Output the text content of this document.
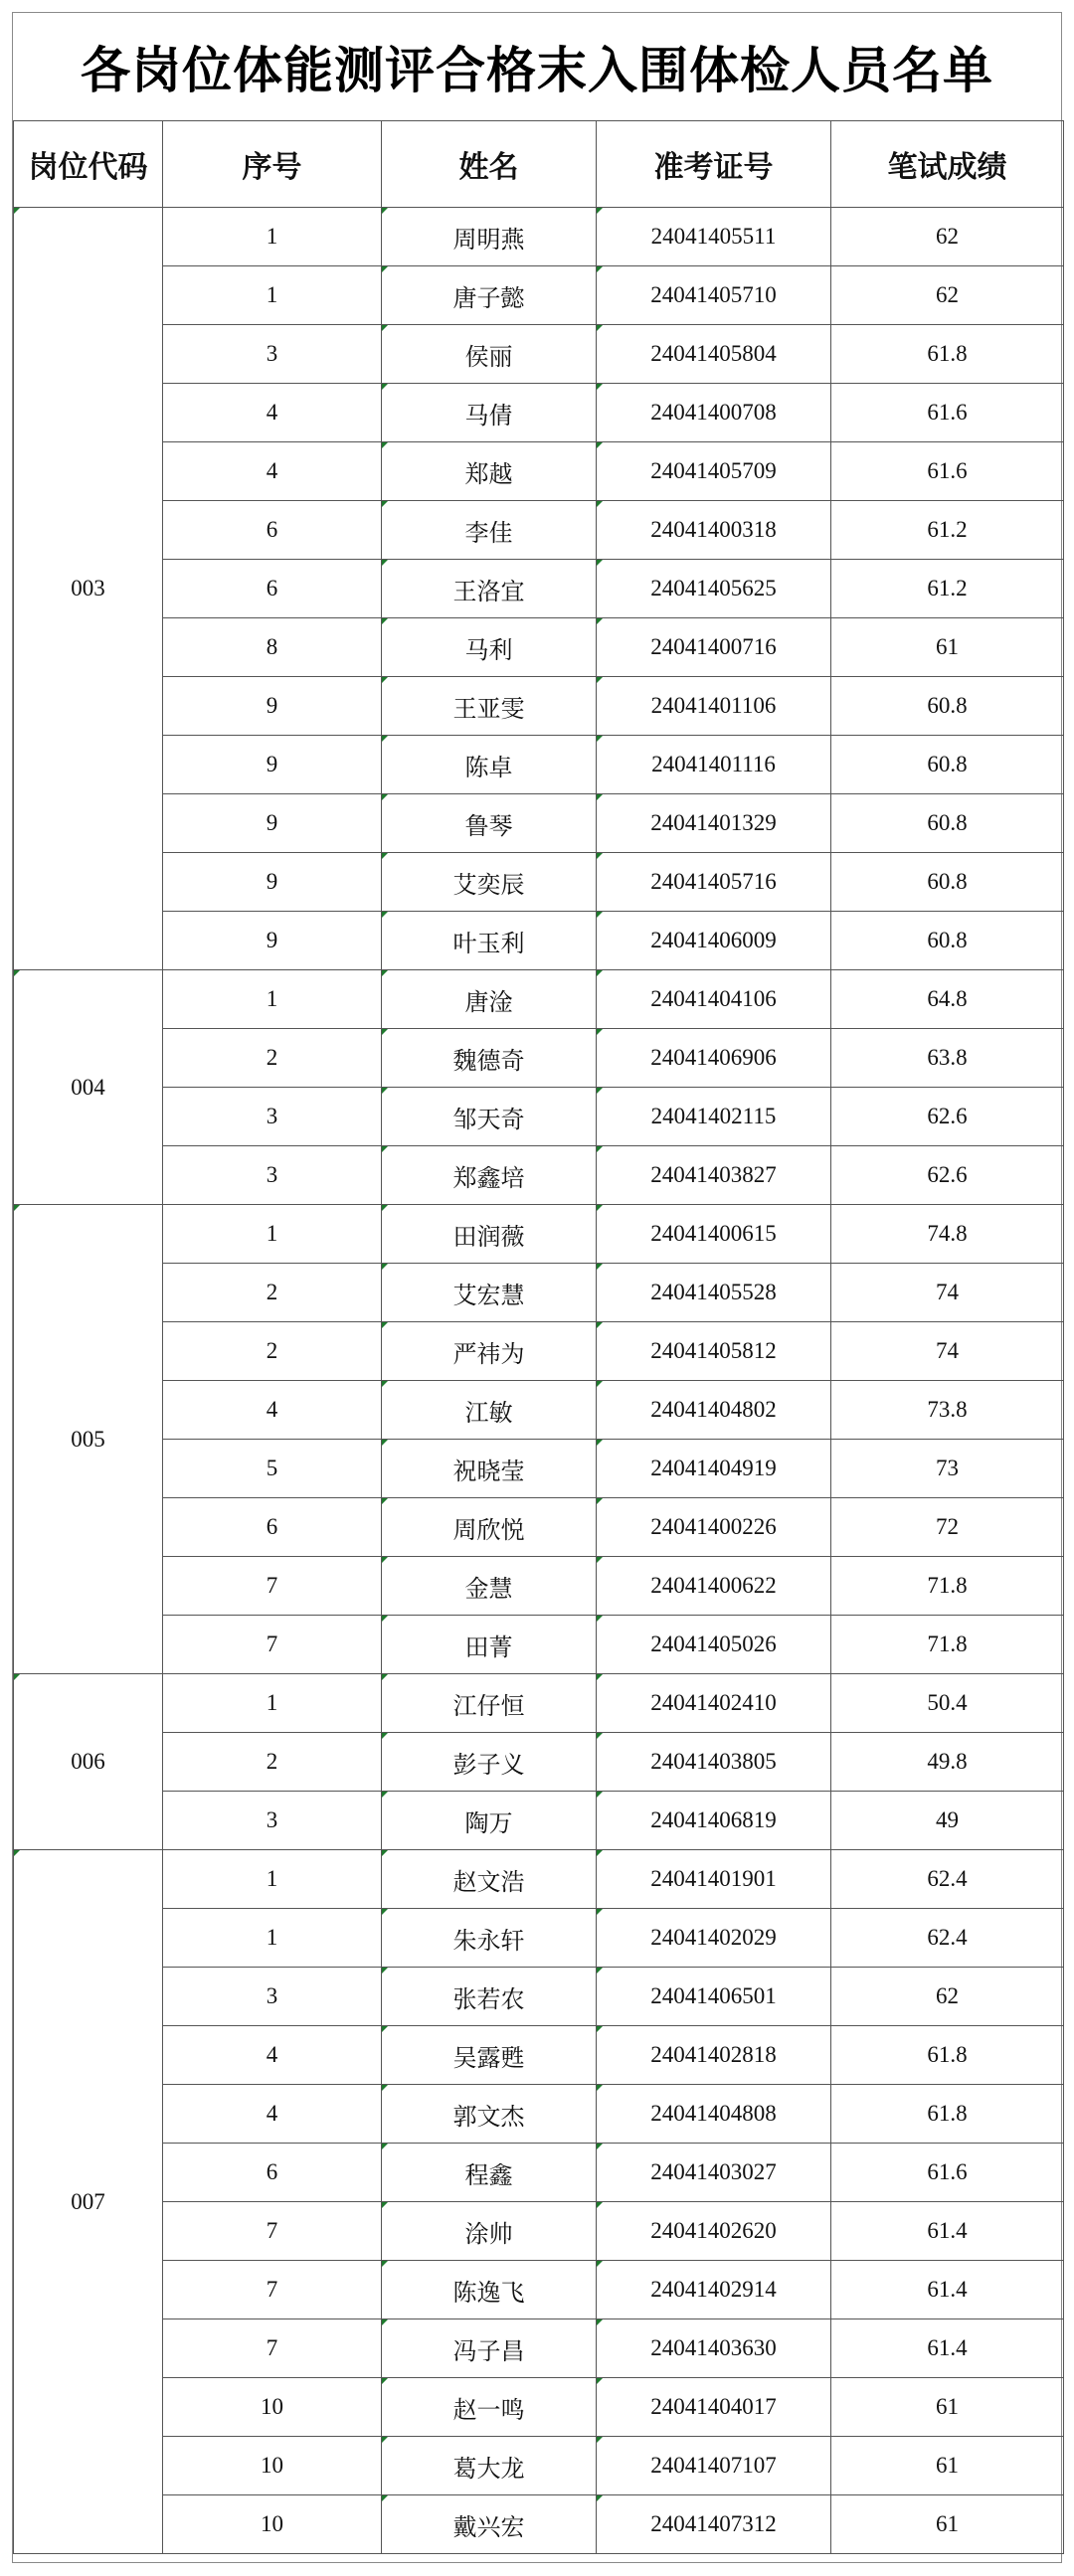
各岗位体能测评合格末入围体检人员名单
岗位代码	序号	姓名	准考证号	笔试成绩
003	1	周明燕	24041405511	62
	1	唐子懿	24041405710	62
	3	侯丽	24041405804	61.8
	4	马倩	24041400708	61.6
	4	郑越	24041405709	61.6
	6	李佳	24041400318	61.2
	6	王洛宜	24041405625	61.2
	8	马利	24041400716	61
	9	王亚雯	24041401106	60.8
	9	陈卓	24041401116	60.8
	9	鲁琴	24041401329	60.8
	9	艾奕辰	24041405716	60.8
	9	叶玉利	24041406009	60.8
004	1	唐淦	24041404106	64.8
	2	魏德奇	24041406906	63.8
	3	邹天奇	24041402115	62.6
	3	郑鑫培	24041403827	62.6
005	1	田润薇	24041400615	74.8
	2	艾宏慧	24041405528	74
	2	严祎为	24041405812	74
	4	江敏	24041404802	73.8
	5	祝晓莹	24041404919	73
	6	周欣悦	24041400226	72
	7	金慧	24041400622	71.8
	7	田菁	24041405026	71.8
006	1	江仔恒	24041402410	50.4
	2	彭子义	24041403805	49.8
	3	陶万	24041406819	49
007	1	赵文浩	24041401901	62.4
	1	朱永轩	24041402029	62.4
	3	张若农	24041406501	62
	4	吴露甦	24041402818	61.8
	4	郭文杰	24041404808	61.8
	6	程鑫	24041403027	61.6
	7	涂帅	24041402620	61.4
	7	陈逸飞	24041402914	61.4
	7	冯子昌	24041403630	61.4
	10	赵一鸣	24041404017	61
	10	葛大龙	24041407107	61
	10	戴兴宏	24041407312	61
